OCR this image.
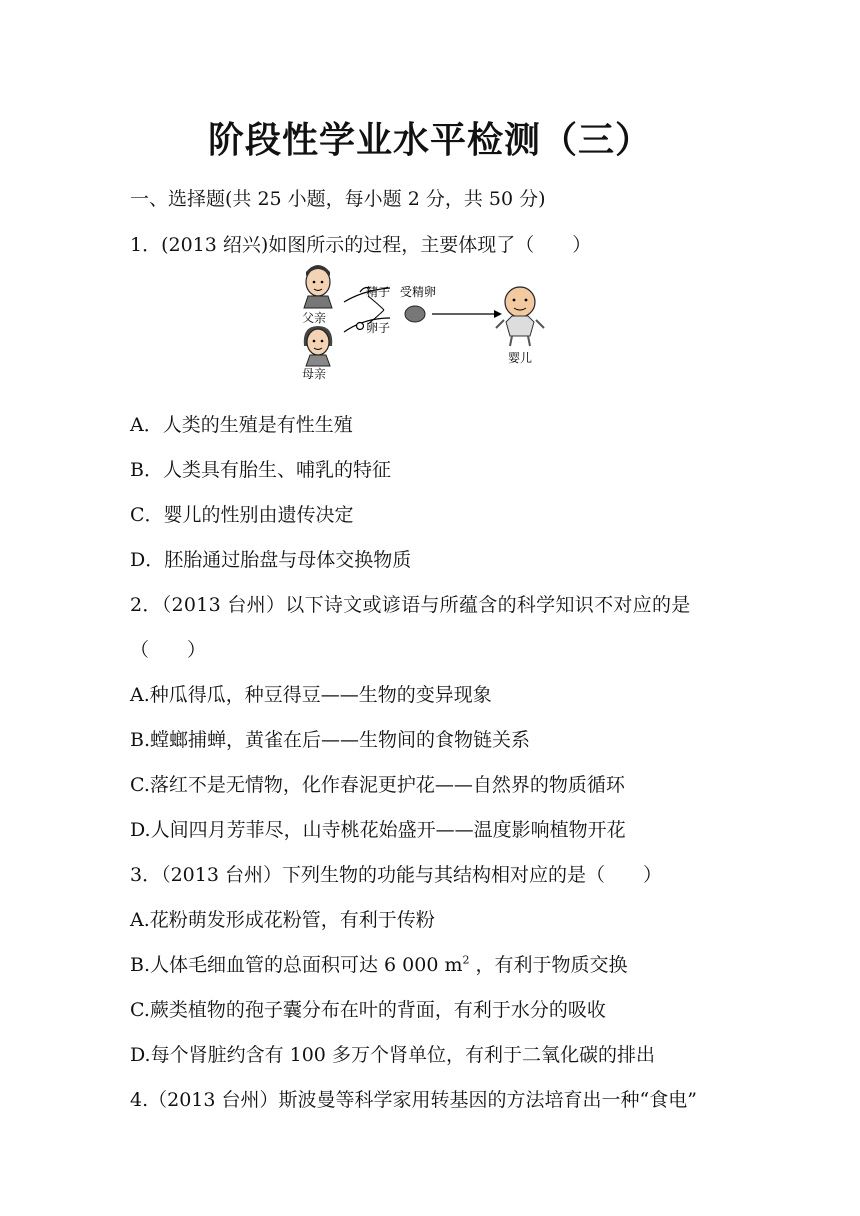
阶段性学业水平检测（三）
一、选择题(共 25 小题，每小题 2 分，共 50 分)
1．(2013 绍兴)如图所示的过程，主要体现了（　　）
父亲
母亲
精子
卵子
受精卵
婴儿
A．人类的生殖是有性生殖
B．人类具有胎生、哺乳的特征
C．婴儿的性别由遗传决定
D．胚胎通过胎盘与母体交换物质
2．（2013 台州）以下诗文或谚语与所蕴含的科学知识不对应的是
（　　）
A.种瓜得瓜，种豆得豆——生物的变异现象
B.螳螂捕蝉，黄雀在后——生物间的食物链关系
C.落红不是无情物，化作春泥更护花——自然界的物质循环
D.人间四月芳菲尽，山寺桃花始盛开——温度影响植物开花
3．（2013 台州）下列生物的功能与其结构相对应的是（　　）
A.花粉萌发形成花粉管，有利于传粉
B.人体毛细血管的总面积可达 6 000 $m^2$ ，有利于物质交换
C.蕨类植物的孢子囊分布在叶的背面，有利于水分的吸收
D.每个肾脏约含有 100 多万个肾单位，有利于二氧化碳的排出
4.（2013 台州）斯波曼等科学家用转基因的方法培育出一种“食电”
